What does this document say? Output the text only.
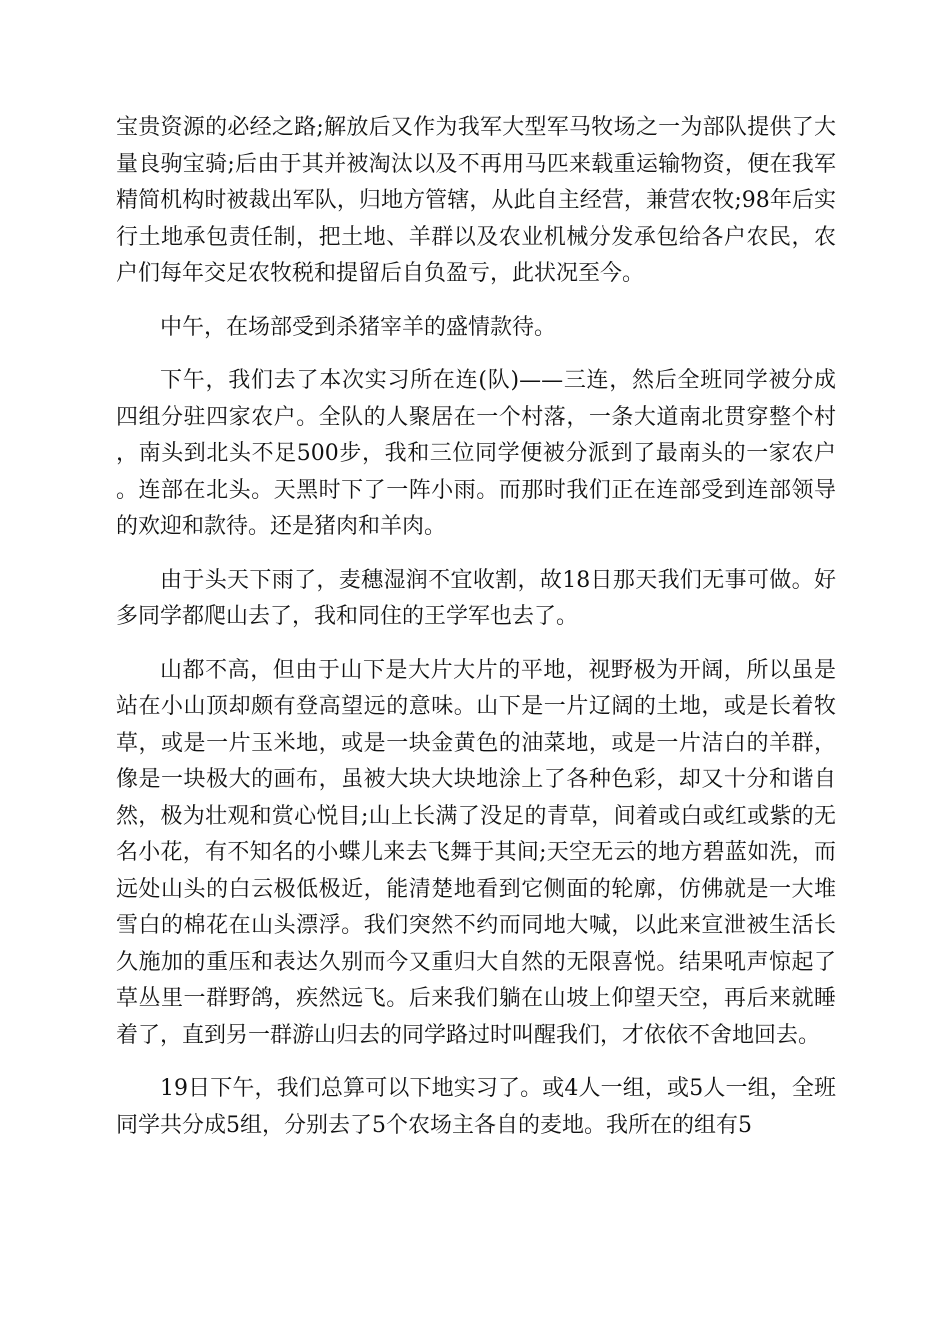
宝贵资源的必经之路;解放后又作为我军大型军马牧场之一为部队提供了大量良驹宝骑;后由于其并被淘汰以及不再用马匹来载重运输物资，便在我军精简机构时被裁出军队，归地方管辖，从此自主经营，兼营农牧;98年后实行土地承包责任制，把土地、羊群以及农业机械分发承包给各户农民，农户们每年交足农牧税和提留后自负盈亏，此状况至今。

中午，在场部受到杀猪宰羊的盛情款待。

下午，我们去了本次实习所在连(队)——三连，然后全班同学被分成四组分驻四家农户。全队的人聚居在一个村落，一条大道南北贯穿整个村，南头到北头不足500步，我和三位同学便被分派到了最南头的一家农户。连部在北头。天黑时下了一阵小雨。而那时我们正在连部受到连部领导的欢迎和款待。还是猪肉和羊肉。

由于头天下雨了，麦穗湿润不宜收割，故18日那天我们无事可做。好多同学都爬山去了，我和同住的王学军也去了。

山都不高，但由于山下是大片大片的平地，视野极为开阔，所以虽是站在小山顶却颇有登高望远的意味。山下是一片辽阔的土地，或是长着牧草，或是一片玉米地，或是一块金黄色的油菜地，或是一片洁白的羊群，像是一块极大的画布，虽被大块大块地涂上了各种色彩，却又十分和谐自然，极为壮观和赏心悦目;山上长满了没足的青草，间着或白或红或紫的无名小花，有不知名的小蝶儿来去飞舞于其间;天空无云的地方碧蓝如洗，而远处山头的白云极低极近，能清楚地看到它侧面的轮廓，仿佛就是一大堆雪白的棉花在山头漂浮。我们突然不约而同地大喊，以此来宣泄被生活长久施加的重压和表达久别而今又重归大自然的无限喜悦。结果吼声惊起了草丛里一群野鸽，疾然远飞。后来我们躺在山坡上仰望天空，再后来就睡着了，直到另一群游山归去的同学路过时叫醒我们，才依依不舍地回去。

19日下午，我们总算可以下地实习了。或4人一组，或5人一组，全班同学共分成5组，分别去了5个农场主各自的麦地。我所在的组有5
